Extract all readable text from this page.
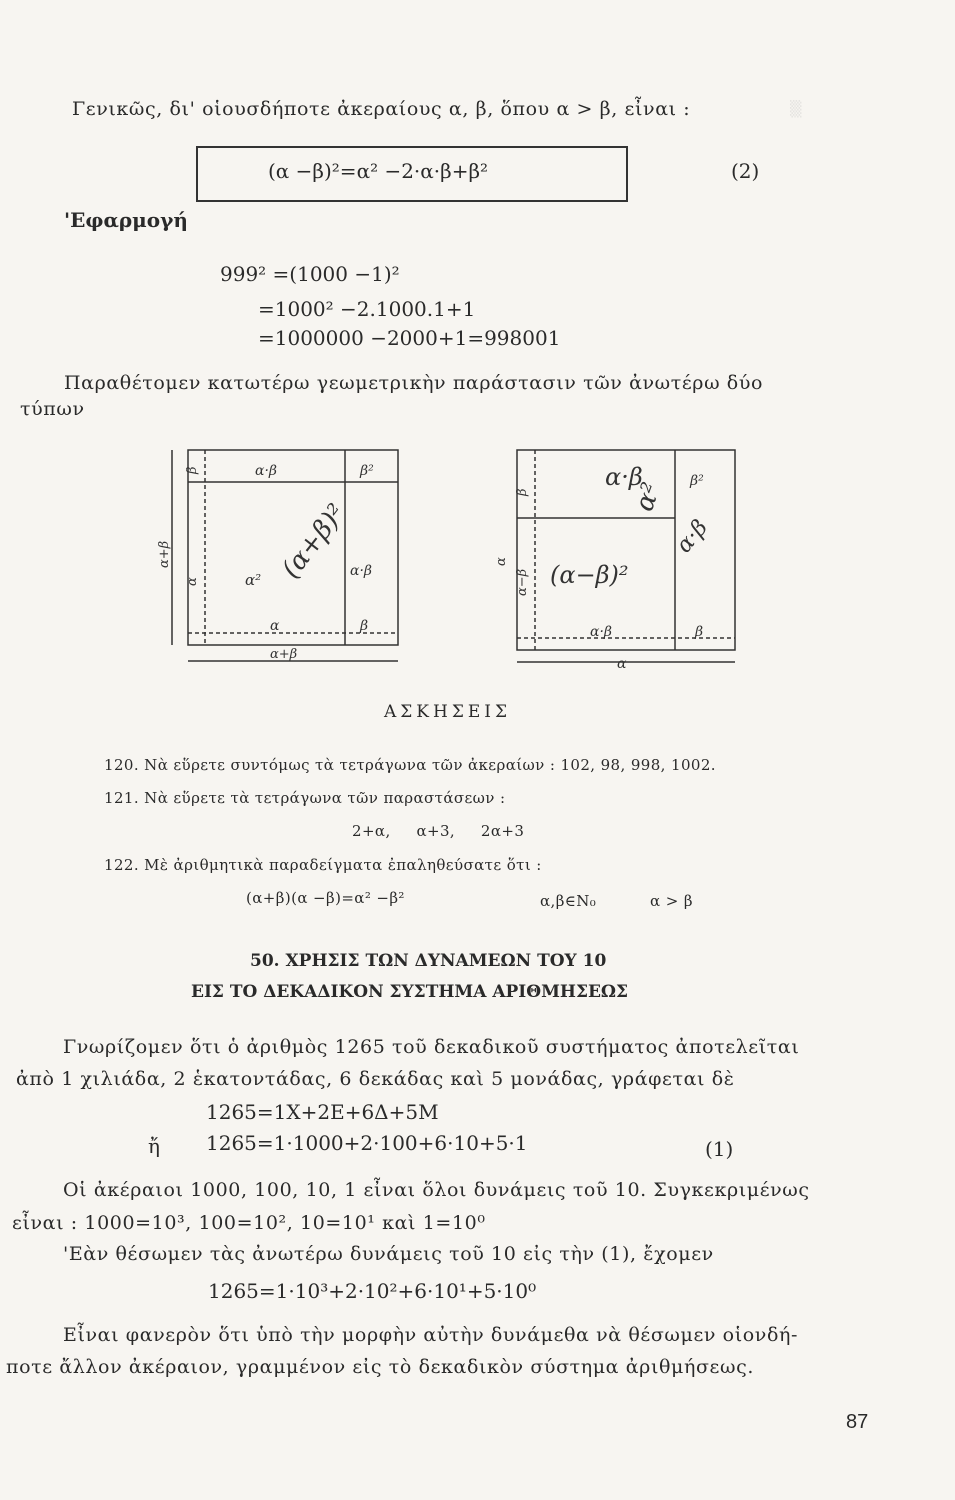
▒
Γενικῶς, δι' οἱουσδήποτε ἀκεραίους α, β, ὅπου α > β, εἶναι :
(α −β)²=α² −2·α·β+β²	(2)
'Εφαρμογή
999² =(1000 −1)²
=1000² −2.1000.1+1
=1000000 −2000+1=998001
Παραθέτομεν κατωτέρω γεωμετρικὴν παράστασιν τῶν ἀνωτέρω δύο
τύπων
α·β	β²
(α+β)²
α²	α·β
α	β
α+β
α+β
α
β	α·β
α² β²
α·β
(α−β)²
α·β	β
α
α
β
α−β
ΑΣΚΗΣΕΙΣ
120. Νὰ εὕρετε συντόμως τὰ τετράγωνα τῶν ἀκεραίων : 102, 98, 998, 1002.
121. Νὰ εὕρετε τὰ τετράγωνα τῶν παραστάσεων :
2+α,     α+3,     2α+3
122. Μὲ ἀριθμητικὰ παραδείγματα ἐπαληθεύσατε ὅτι :
(α+β)(α −β)=α² −β²	α,β∈N₀	α > β
50. ΧΡΗΣΙΣ ΤΩΝ ΔΥΝΑΜΕΩΝ ΤΟΥ 10
ΕΙΣ ΤΟ ΔΕΚΑΔΙΚΟΝ ΣΥΣΤΗΜΑ ΑΡΙΘΜΗΣΕΩΣ
Γνωρίζομεν ὅτι ὁ ἀριθμὸς 1265 τοῦ δεκαδικοῦ συστήματος ἀποτελεῖται
ἀπὸ 1 χιλιάδα, 2 ἑκατοντάδας, 6 δεκάδας καὶ 5 μονάδας, γράφεται δὲ
1265=1Χ+2Ε+6Δ+5Μ
ἤ 1265=1·1000+2·100+6·10+5·1	(1)
Οἱ ἀκέραιοι 1000, 100, 10, 1 εἶναι ὅλοι δυνάμεις τοῦ 10. Συγκεκριμένως
εἶναι : 1000=10³, 100=10², 10=10¹ καὶ 1=10⁰
'Εὰν θέσωμεν τὰς ἀνωτέρω δυνάμεις τοῦ 10 εἰς τὴν (1), ἔχομεν
1265=1·10³+2·10²+6·10¹+5·10⁰
Εἶναι φανερὸν ὅτι ὑπὸ τὴν μορφὴν αὐτὴν δυνάμεθα νὰ θέσωμεν οἱονδή-
ποτε ἄλλον ἀκέραιον, γραμμένον εἰς τὸ δεκαδικὸν σύστημα ἀριθμήσεως.
87
